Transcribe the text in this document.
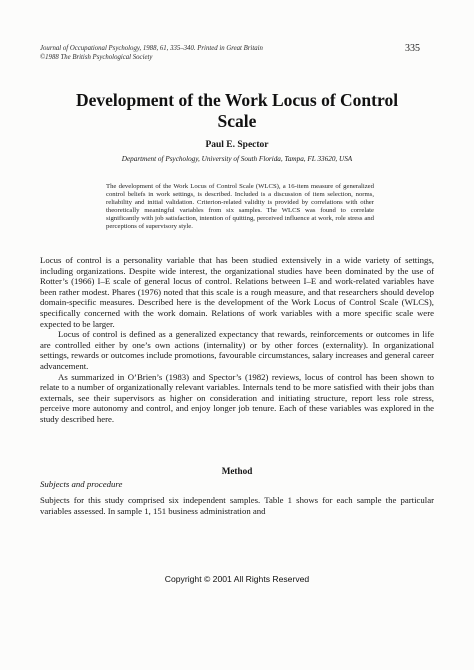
Journal of Occupational Psychology, 1988, 61, 335–340. Printed in Great Britain
©1988 The British Psychological Society
335
Development of the Work Locus of Control
Scale
Paul E. Spector
Department of Psychology, University of South Florida, Tampa, FL 33620, USA
The development of the Work Locus of Control Scale (WLCS), a 16-item measure of generalized control beliefs in work settings, is described. Included is a discussion of item selection, norms, reliability and initial validation. Criterion-related validity is provided by correlations with other theoretically meaningful variables from six samples. The WLCS was found to correlate significantly with job satisfaction, intention of quitting, perceived influence at work, role stress and perceptions of supervisory style.

Locus of control is a personality variable that has been studied extensively in a wide variety of settings, including organizations. Despite wide interest, the organizational studies have been dominated by the use of Rotter’s (1966) I–E scale of general locus of control. Relations between I–E and work-related variables have been rather modest. Phares (1976) noted that this scale is a rough measure, and that researchers should develop domain-specific measures. Described here is the development of the Work Locus of Control Scale (WLCS), specifically concerned with the work domain. Relations of work variables with a more specific scale were expected to be larger.

Locus of control is defined as a generalized expectancy that rewards, reinforcements or outcomes in life are controlled either by one’s own actions (internality) or by other forces (externality). In organizational settings, rewards or outcomes include promotions, favourable circumstances, salary increases and general career advancement.

As summarized in O’Brien’s (1983) and Spector’s (1982) reviews, locus of control has been shown to relate to a number of organizationally relevant variables. Internals tend to be more satisfied with their jobs than externals, see their supervisors as higher on consideration and initiating structure, report less role stress, perceive more autonomy and control, and enjoy longer job tenure. Each of these variables was explored in the study described here.

Method
Subjects and procedure

Subjects for this study comprised six independent samples. Table 1 shows for each sample the particular variables assessed. In sample 1, 151 business administration and

Copyright © 2001 All Rights Reserved
